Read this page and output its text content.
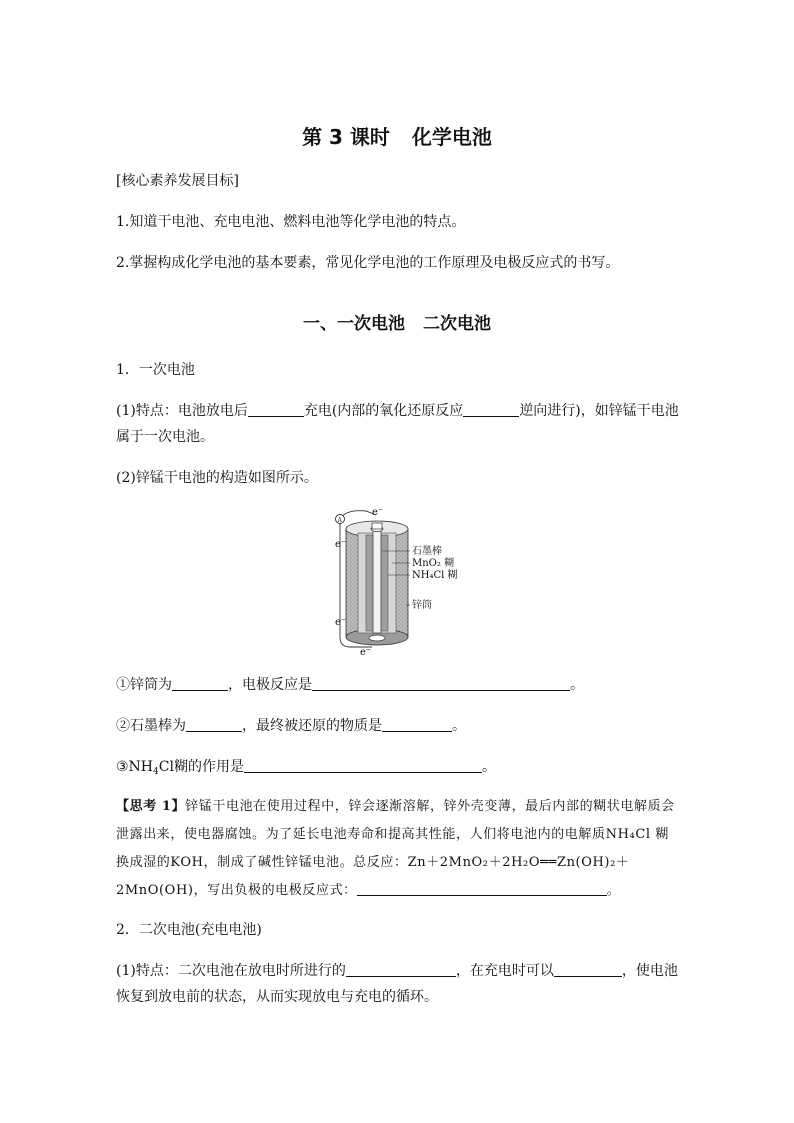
第 3 课时 化学电池
[核心素养发展目标]
1.知道干电池、充电电池、燃料电池等化学电池的特点。
2.掌握构成化学电池的基本要素，常见化学电池的工作原理及电极反应式的书写。
一、一次电池 二次电池
1．一次电池
(1)特点：电池放电后	充电(内部的氧化还原反应	逆向进行)，如锌锰干电池
属于一次电池。
(2)锌锰干电池的构造如图所示。
A
e⁻
e⁻
e⁻
e⁻
石墨棒
MnO₂ 糊
NH₄Cl 糊
锌筒
①锌筒为	，电极反应是	。
②石墨棒为	，最终被还原的物质是	。
$③NH_4Cl$糊的作用是	。
【思考 1】锌锰干电池在使用过程中，锌会逐渐溶解，锌外壳变薄，最后内部的糊状电解质会
泄露出来，使电器腐蚀。为了延长电池寿命和提高其性能，人们将电池内的电解质NH₄Cl 糊
换成湿的KOH，制成了碱性锌锰电池。总反应：Zn＋2MnO₂＋2H₂O══Zn(OH)₂＋
2MnO(OH)，写出负极的电极反应式：	。
2．二次电池(充电电池)
(1)特点：二次电池在放电时所进行的	，在充电时可以	，使电池
恢复到放电前的状态，从而实现放电与充电的循环。
